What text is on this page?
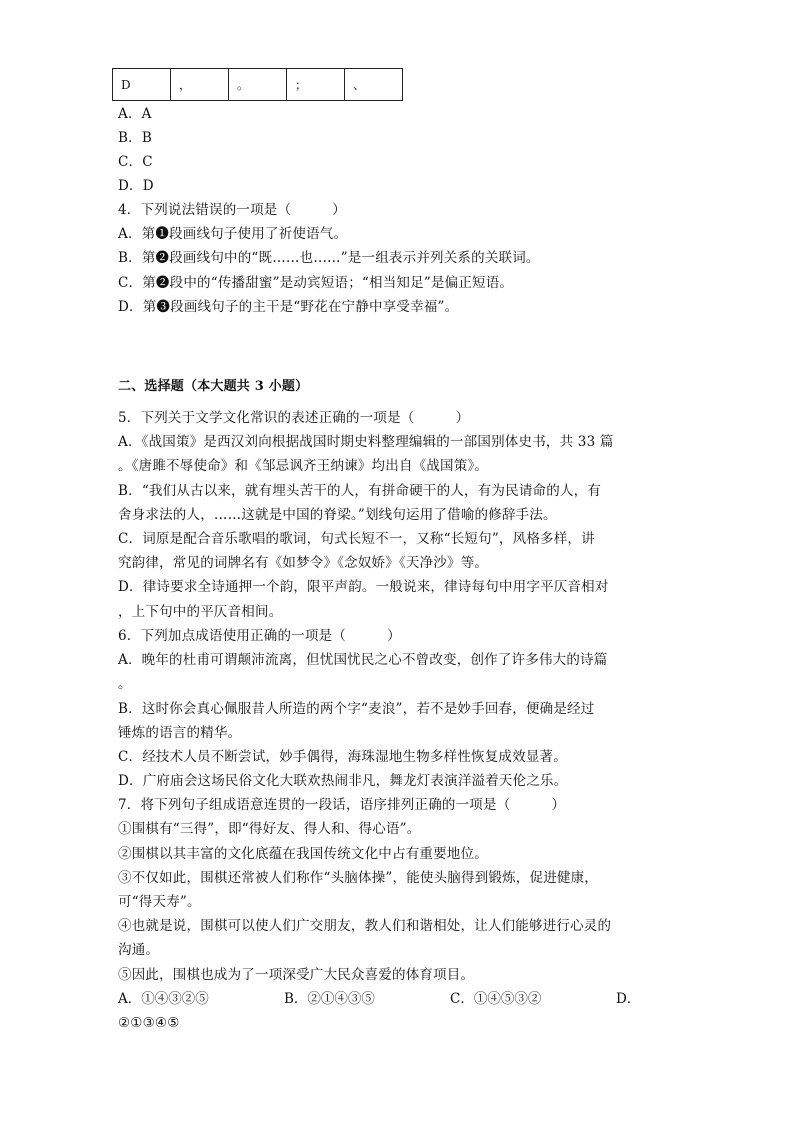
D	，	。	；	、
A．A
B．B
C．C
D．D
4．下列说法错误的一项是（　　　）
A．第❶段画线句子使用了祈使语气。
B．第❷段画线句中的“既……也……”是一组表示并列关系的关联词。
C．第❷段中的“传播甜蜜”是动宾短语；“相当知足”是偏正短语。
D．第❸段画线句子的主干是“野花在宁静中享受幸福”。
二、选择题（本大题共 3 小题）
5．下列关于文学文化常识的表述正确的一项是（　　　）
A．《战国策》是西汉刘向根据战国时期史料整理编辑的一部国别体史书，共 33 篇
。《唐雎不辱使命》和《邹忌讽齐王纳谏》均出自《战国策》。
B．“我们从古以来，就有埋头苦干的人，有拼命硬干的人，有为民请命的人，有
舍身求法的人，……这就是中国的脊梁。”划线句运用了借喻的修辞手法。
C．词原是配合音乐歌唱的歌词，句式长短不一，又称“长短句”，风格多样，讲
究韵律，常见的词牌名有《如梦令》《念奴娇》《天净沙》等。
D．律诗要求全诗通押一个韵，限平声韵。一般说来，律诗每句中用字平仄音相对
，上下句中的平仄音相间。
6．下列加点成语使用正确的一项是（　　　）
A．晚年的杜甫可谓颠沛流离，但忧国忧民之心不曾改变，创作了许多伟大的诗篇
。
B．这时你会真心佩服昔人所造的两个字“麦浪”，若不是妙手回春，便确是经过
锤炼的语言的精华。
C．经技术人员不断尝试，妙手偶得，海珠湿地生物多样性恢复成效显著。
D．广府庙会这场民俗文化大联欢热闹非凡，舞龙灯表演洋溢着天伦之乐。
7．将下列句子组成语意连贯的一段话，语序排列正确的一项是（　　　）
①围棋有“三得”，即“得好友、得人和、得心语”。
②围棋以其丰富的文化底蕴在我国传统文化中占有重要地位。
③不仅如此，围棋还常被人们称作“头脑体操”，能使头脑得到锻炼，促进健康，
可“得天寿”。
④也就是说，围棋可以使人们广交朋友，教人们和谐相处，让人们能够进行心灵的
沟通。
⑤因此，围棋也成为了一项深受广大民众喜爱的体育项目。
A．①④③②⑤	B．②①④③⑤	C．①④⑤③②	D．
②①③④⑤
